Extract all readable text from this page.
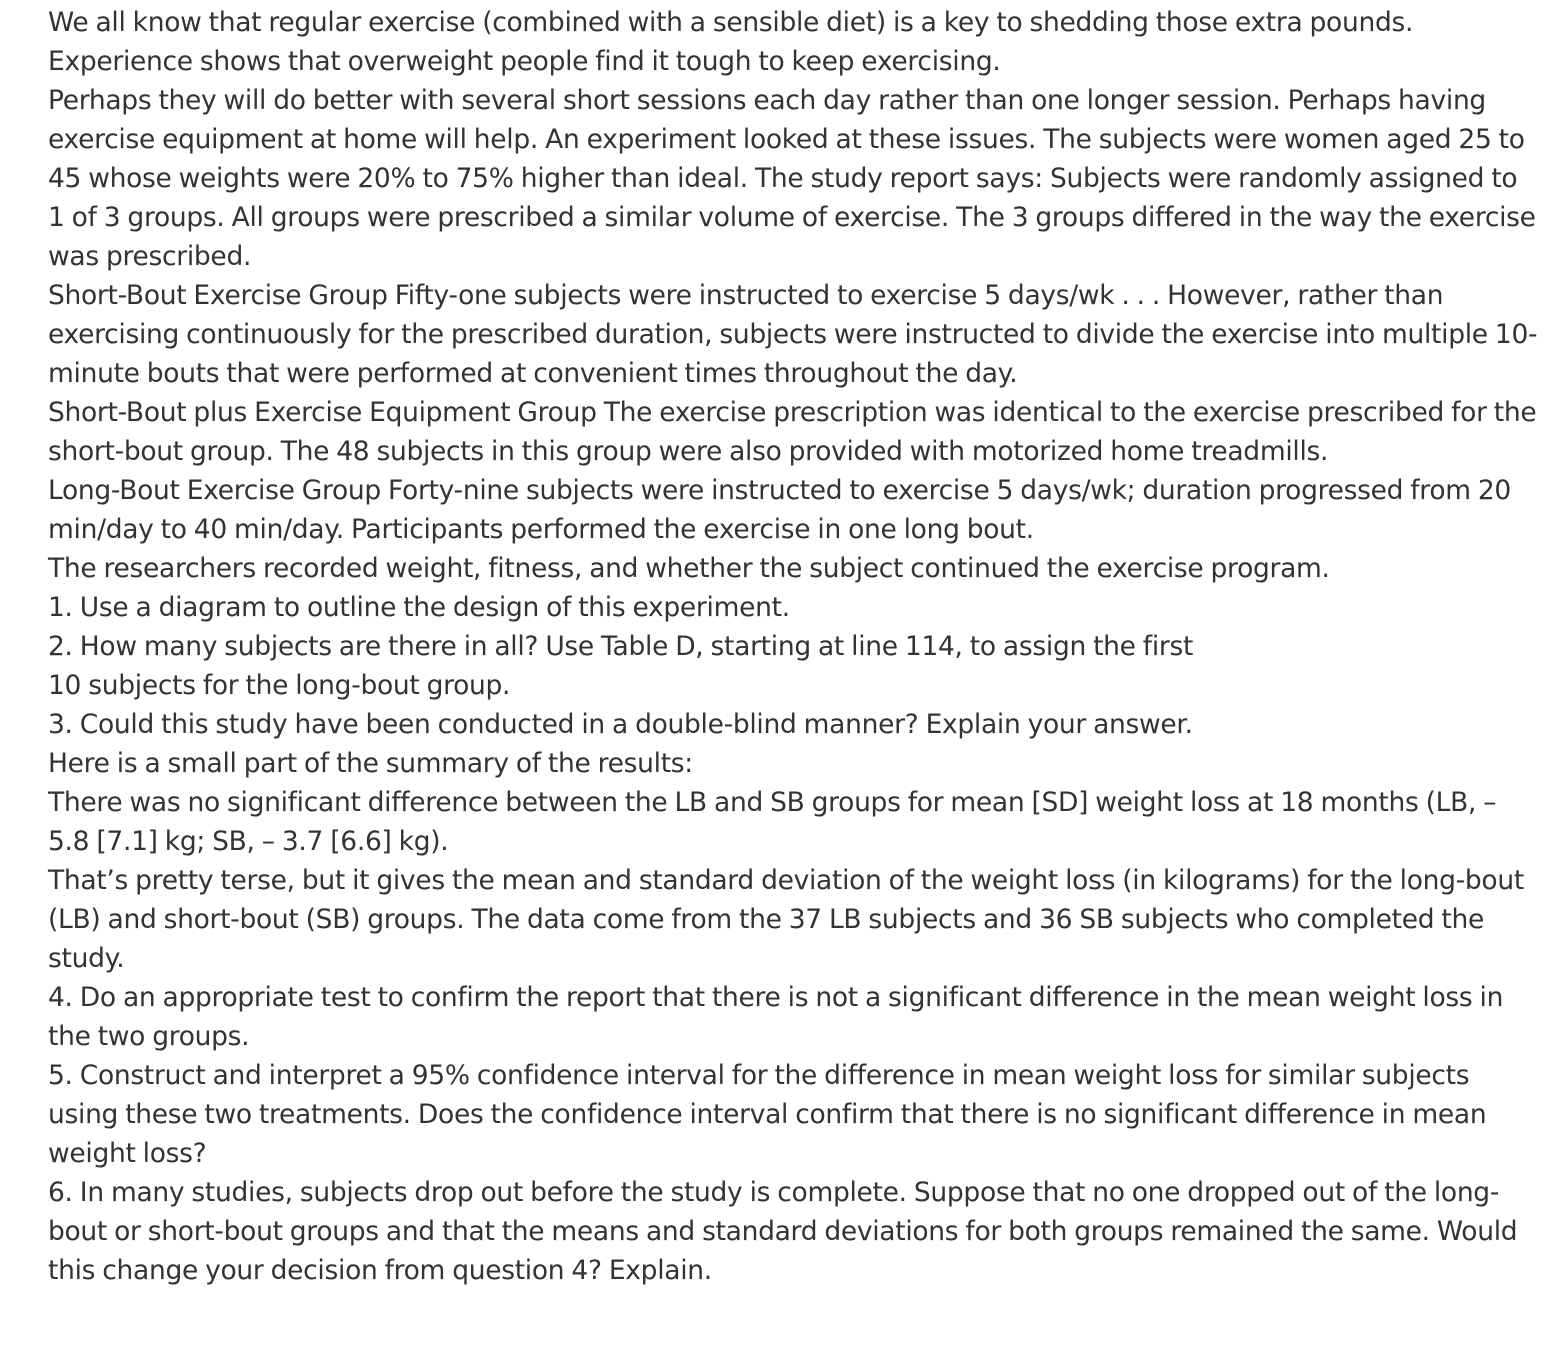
We all know that regular exercise (combined with a sensible diet) is a key to shedding those extra pounds. Experience shows that overweight people find it tough to keep exercising.

Perhaps they will do better with several short sessions each day rather than one longer session. Perhaps having exercise equipment at home will help. An experiment looked at these issues. The subjects were women aged 25 to 45 whose weights were 20% to 75% higher than ideal. The study report says: Subjects were randomly assigned to 1 of 3 groups. All groups were prescribed a similar volume of exercise. The 3 groups differed in the way the exercise was prescribed.

Short-Bout Exercise Group Fifty-one subjects were instructed to exercise 5 days/wk . . . However, rather than exercising continuously for the prescribed duration, subjects were instructed to divide the exercise into multiple 10-minute bouts that were performed at convenient times throughout the day.

Short-Bout plus Exercise Equipment Group The exercise prescription was identical to the exercise prescribed for the short-bout group. The 48 subjects in this group were also provided with motorized home treadmills.

Long-Bout Exercise Group Forty-nine subjects were instructed to exercise 5 days/wk; duration progressed from 20 min/day to 40 min/day. Participants performed the exercise in one long bout.

The researchers recorded weight, fitness, and whether the subject continued the exercise program.

1. Use a diagram to outline the design of this experiment.

2. How many subjects are there in all? Use Table D, starting at line 114, to assign the first

10 subjects for the long-bout group.

3. Could this study have been conducted in a double-blind manner? Explain your answer.

Here is a small part of the summary of the results:

There was no significant difference between the LB and SB groups for mean [SD] weight loss at 18 months (LB, – 5.8 [7.1] kg; SB, – 3.7 [6.6] kg).

That’s pretty terse, but it gives the mean and standard deviation of the weight loss (in kilograms) for the long-bout (LB) and short-bout (SB) groups. The data come from the 37 LB subjects and 36 SB subjects who completed the study.

4. Do an appropriate test to confirm the report that there is not a significant difference in the mean weight loss in the two groups.

5. Construct and interpret a 95% confidence interval for the difference in mean weight loss for similar subjects using these two treatments. Does the confidence interval confirm that there is no significant difference in mean weight loss?

6. In many studies, subjects drop out before the study is complete. Suppose that no one dropped out of the long-bout or short-bout groups and that the means and standard deviations for both groups remained the same. Would this change your decision from question 4? Explain.
